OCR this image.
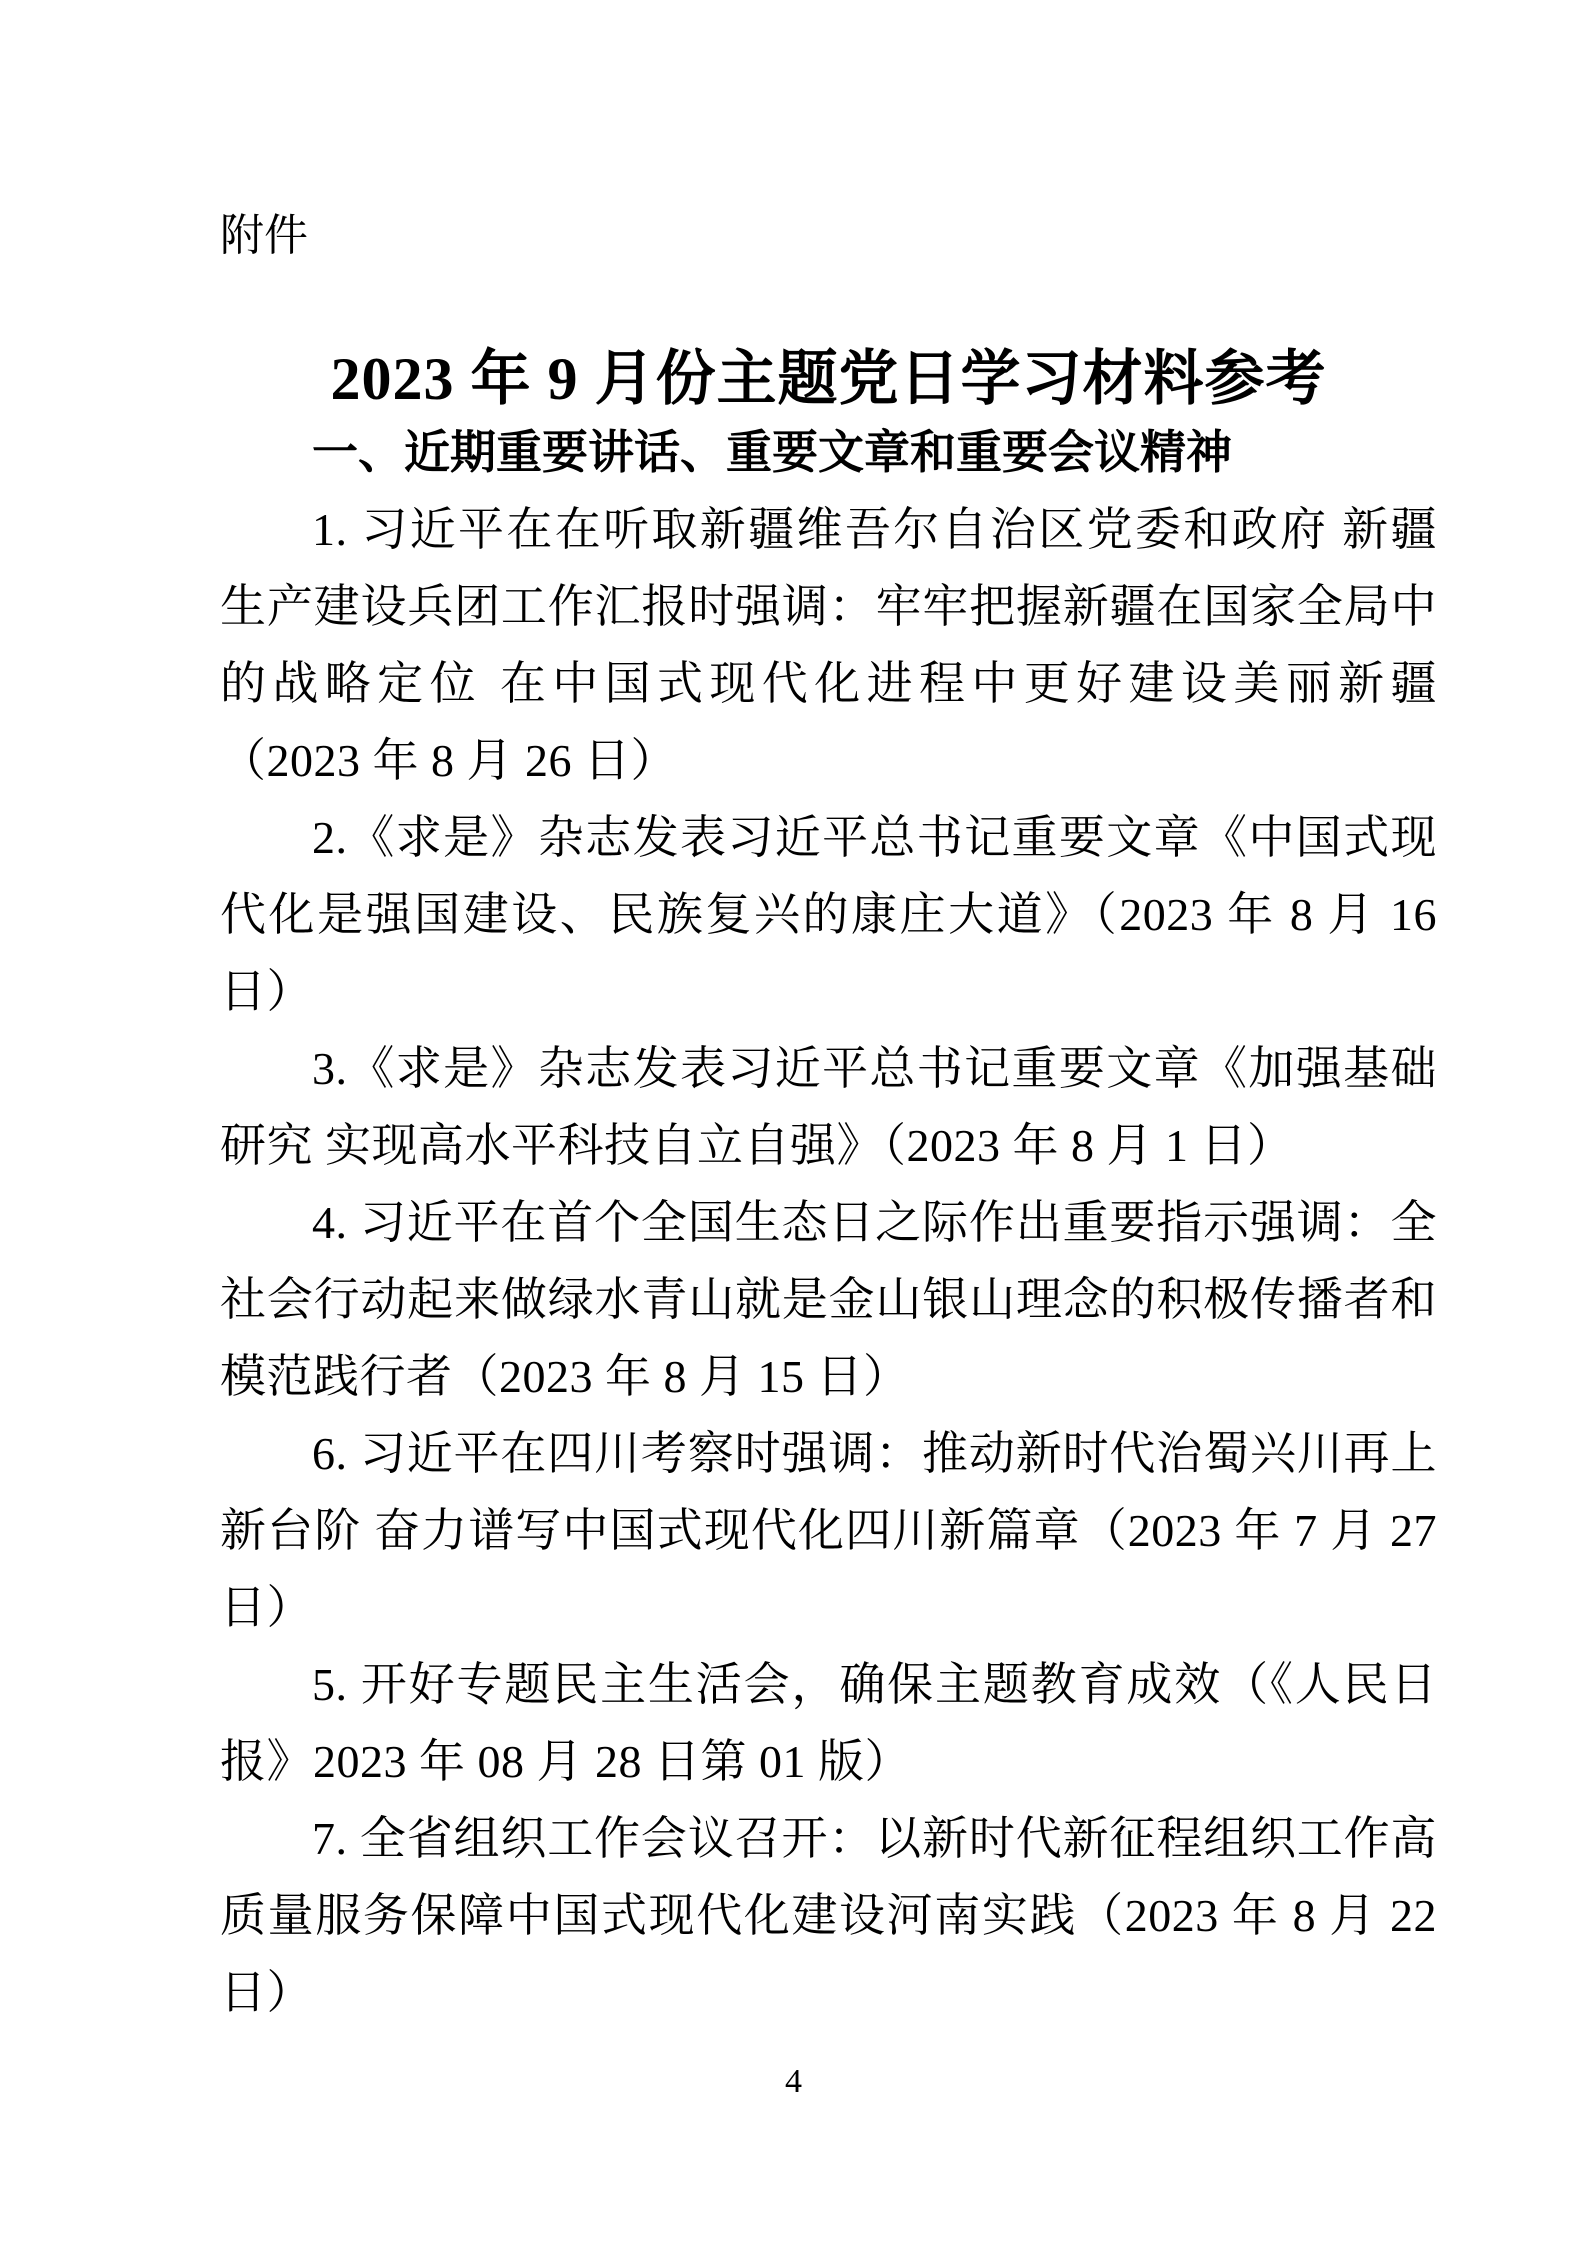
附件
2023 年 9 月份主题党日学习材料参考
一、近期重要讲话、重要文章和重要会议精神

1. 习近平在在听取新疆维吾尔自治区党委和政府 新疆生产建设兵团工作汇报时强调：牢牢把握新疆在国家全局中的战略定位 在中国式现代化进程中更好建设美丽新疆（2023 年 8 月 26 日）

2.《求是》杂志发表习近平总书记重要文章《中国式现代化是强国建设、民族复兴的康庄大道》（2023 年 8 月 16 日）

3.《求是》杂志发表习近平总书记重要文章《加强基础研究 实现高水平科技自立自强》（2023 年 8 月 1 日）

4. 习近平在首个全国生态日之际作出重要指示强调：全社会行动起来做绿水青山就是金山银山理念的积极传播者和模范践行者（2023 年 8 月 15 日）

6. 习近平在四川考察时强调：推动新时代治蜀兴川再上新台阶 奋力谱写中国式现代化四川新篇章（2023 年 7 月 27 日）

5. 开好专题民主生活会，确保主题教育成效（《人民日报》2023 年 08 月 28 日第 01 版）

7. 全省组织工作会议召开：以新时代新征程组织工作高质量服务保障中国式现代化建设河南实践（2023 年 8 月 22 日）

4
